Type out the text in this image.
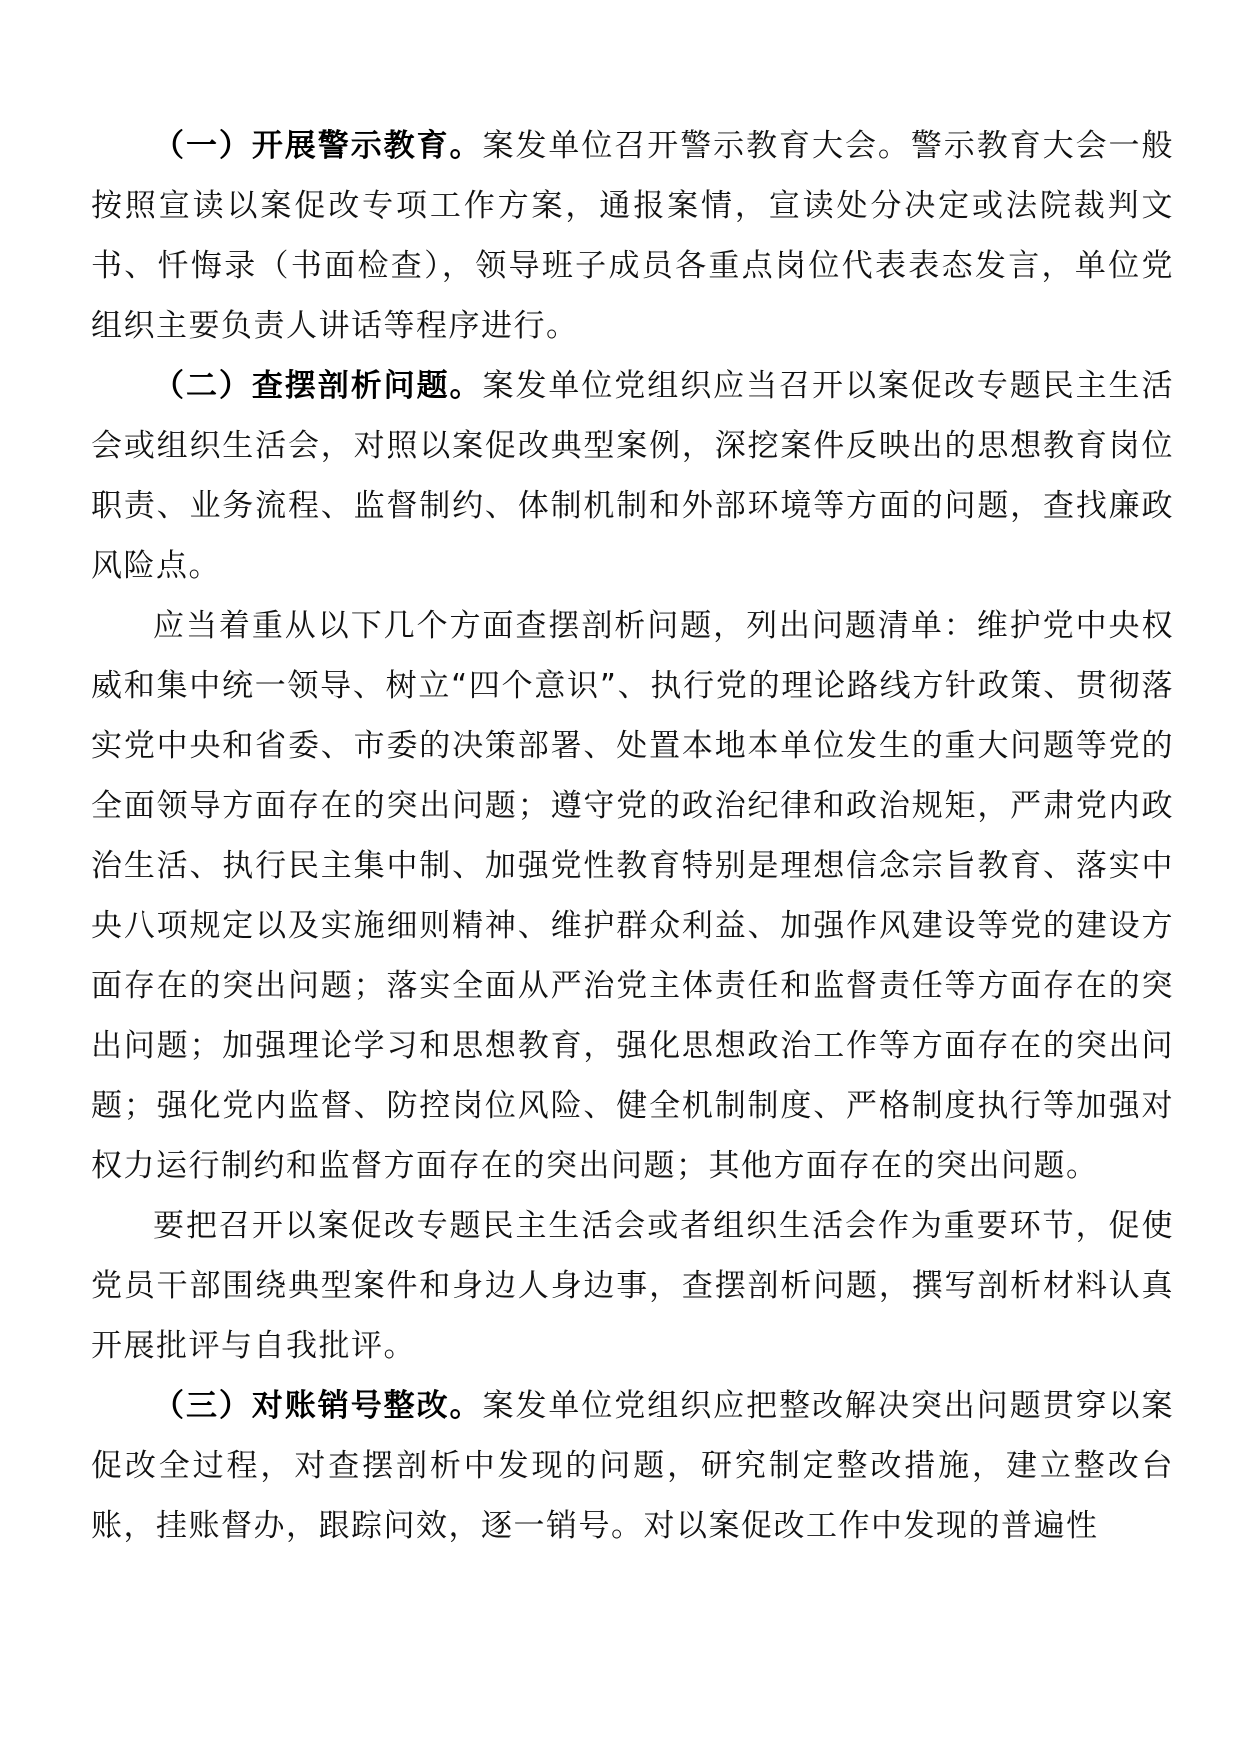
（一）开展警示教育。案发单位召开警示教育大会。警示教育大会一般按照宣读以案促改专项工作方案，通报案情，宣读处分决定或法院裁判文书、忏悔录（书面检查），领导班子成员各重点岗位代表表态发言，单位党组织主要负责人讲话等程序进行。

（二）查摆剖析问题。案发单位党组织应当召开以案促改专题民主生活会或组织生活会，对照以案促改典型案例，深挖案件反映出的思想教育岗位职责、业务流程、监督制约、体制机制和外部环境等方面的问题，查找廉政风险点。

应当着重从以下几个方面查摆剖析问题，列出问题清单：维护党中央权威和集中统一领导、树立“四个意识”、执行党的理论路线方针政策、贯彻落实党中央和省委、市委的决策部署、处置本地本单位发生的重大问题等党的全面领导方面存在的突出问题；遵守党的政治纪律和政治规矩，严肃党内政治生活、执行民主集中制、加强党性教育特别是理想信念宗旨教育、落实中央八项规定以及实施细则精神、维护群众利益、加强作风建设等党的建设方面存在的突出问题；落实全面从严治党主体责任和监督责任等方面存在的突出问题；加强理论学习和思想教育，强化思想政治工作等方面存在的突出问题；强化党内监督、防控岗位风险、健全机制制度、严格制度执行等加强对权力运行制约和监督方面存在的突出问题；其他方面存在的突出问题。

要把召开以案促改专题民主生活会或者组织生活会作为重要环节，促使党员干部围绕典型案件和身边人身边事，查摆剖析问题，撰写剖析材料认真开展批评与自我批评。

（三）对账销号整改。案发单位党组织应把整改解决突出问题贯穿以案促改全过程，对查摆剖析中发现的问题，研究制定整改措施，建立整改台账，挂账督办，跟踪问效，逐一销号。对以案促改工作中发现的普遍性
